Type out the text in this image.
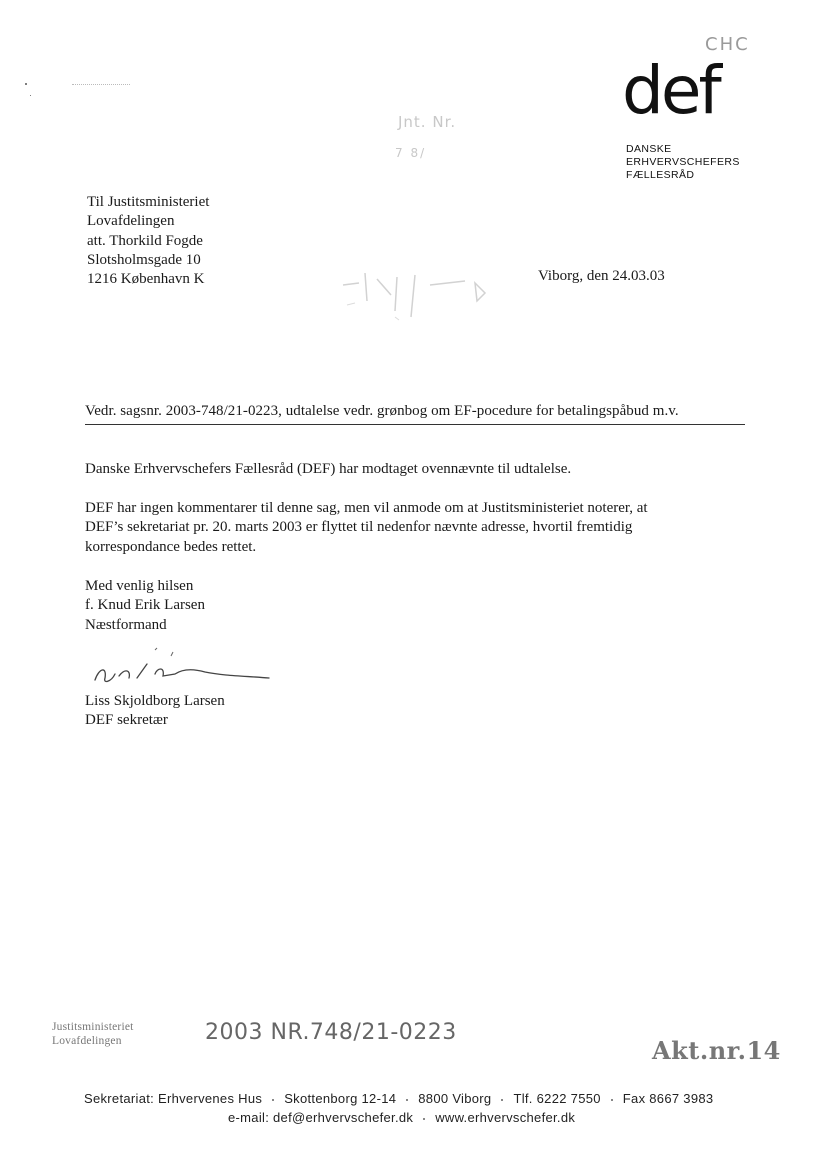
CHC
def
DANSKE
ERHVERVSCHEFERS
FÆLLESRÅD
Jnt. Nr.
7 8/
Til Justitsministeriet
Lovafdelingen
att. Thorkild Fogde
Slotsholmsgade 10
1216 København K	Viborg, den 24.03.03
Vedr. sagsnr. 2003-748/21-0223, udtalelse vedr. grønbog om EF-pocedure for betalingspåbud m.v.
Danske Erhvervschefers Fællesråd (DEF) har modtaget ovennævnte til udtalelse.
DEF har ingen kommentarer til denne sag, men vil anmode om at Justitsministeriet noterer, at
DEF’s sekretariat pr. 20. marts 2003 er flyttet til nedenfor nævnte adresse, hvortil fremtidig
korrespondance bedes rettet.
Med venlig hilsen
f. Knud Erik Larsen
Næstformand
Liss Skjoldborg Larsen
DEF sekretær
Justitsministeriet
Lovafdelingen	2003 NR.748/21-0223
Akt.nr.14
Sekretariat: Erhvervenes Hus Skottenborg 12-14 8800 Viborg Tlf. 6222 7550 Fax 8667 3983
e-mail: def@erhvervschefer.dk www.erhvervschefer.dk
